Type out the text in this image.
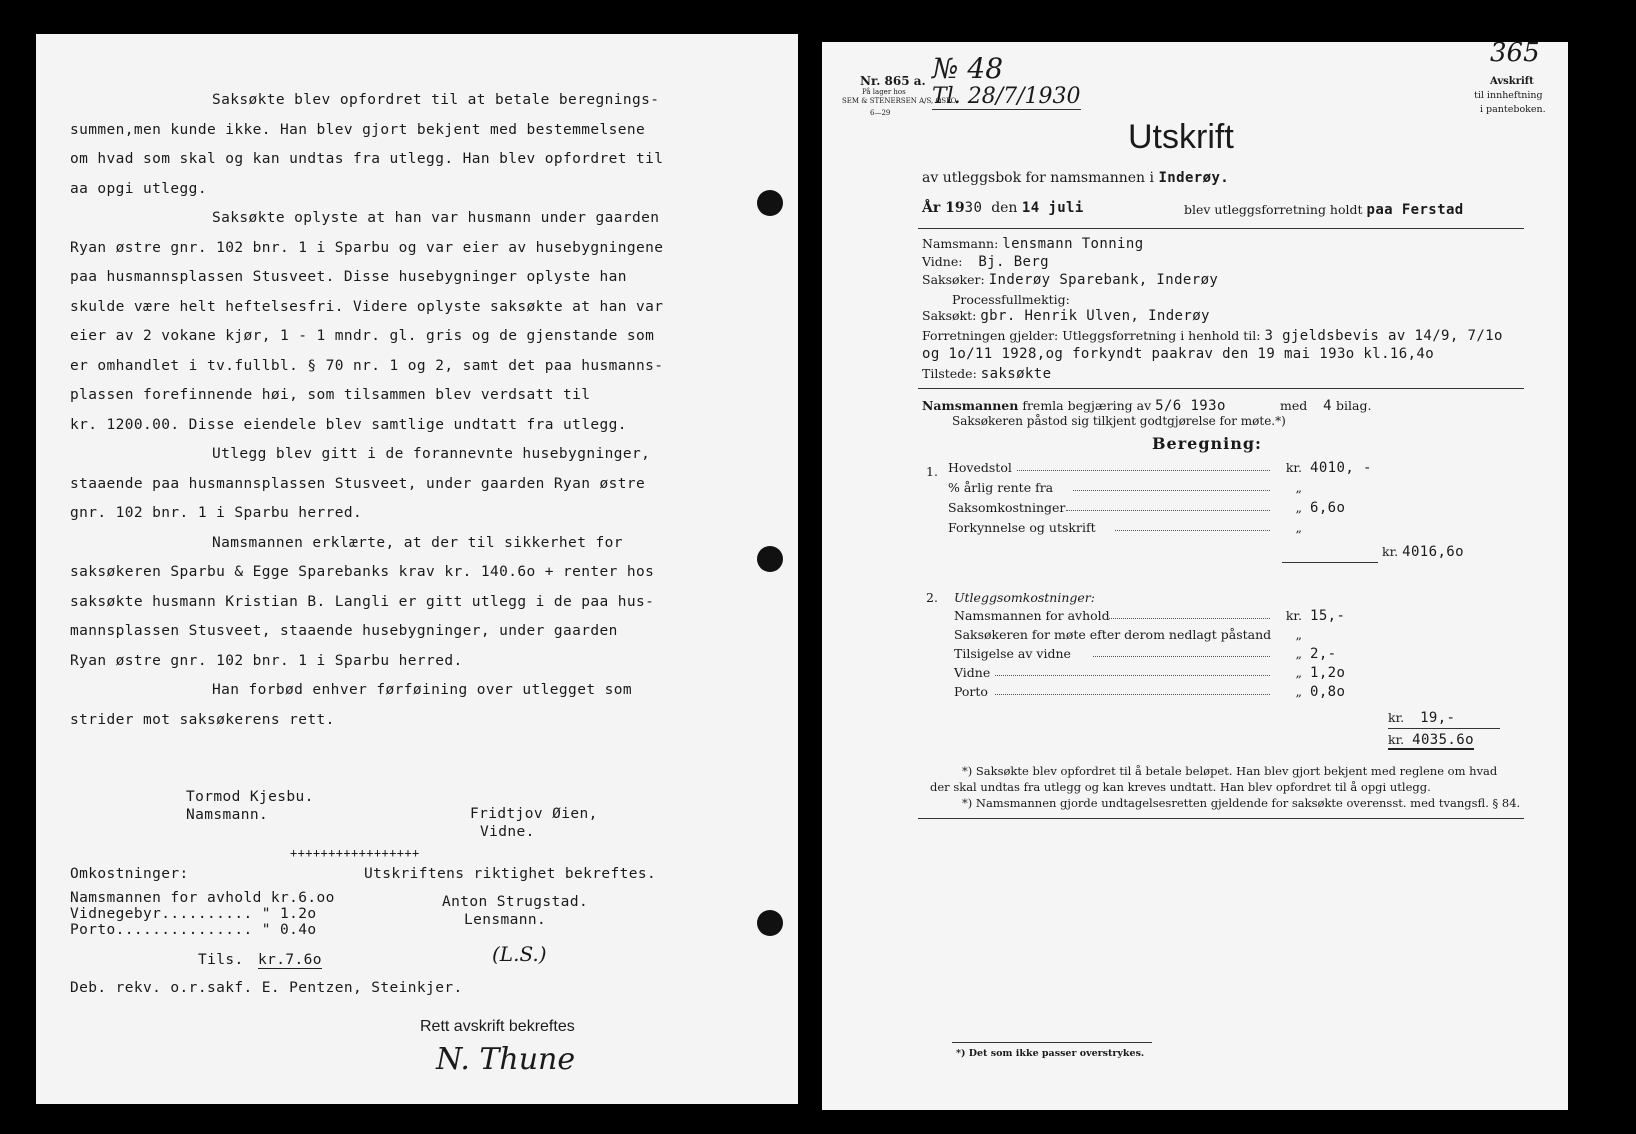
Saksøkte blev opfordret til at betale beregnings-
summen,men kunde ikke. Han blev gjort bekjent med bestemmelsene
om hvad som skal og kan undtas fra utlegg. Han blev opfordret til
aa opgi utlegg.
Saksøkte oplyste at han var husmann under gaarden
Ryan østre gnr. 102 bnr. 1 i Sparbu og var eier av husebygningene
paa husmannsplassen Stusveet. Disse husebygninger oplyste han
skulde være helt heftelsesfri. Videre oplyste saksøkte at han var
eier av 2 vokane kjør, 1 - 1 mndr. gl. gris og de gjenstande som
er omhandlet i tv.fullbl. § 70 nr. 1 og 2, samt det paa husmanns-
plassen forefinnende høi, som tilsammen blev verdsatt til
kr. 1200.00. Disse eiendele blev samtlige undtatt fra utlegg.
Utlegg blev gitt i de forannevnte husebygninger,
staaende paa husmannsplassen Stusveet, under gaarden Ryan østre
gnr. 102 bnr. 1 i Sparbu herred.
Namsmannen erklærte, at der til sikkerhet for
saksøkeren Sparbu & Egge Sparebanks krav kr. 140.6o + renter hos
saksøkte husmann Kristian B. Langli er gitt utlegg i de paa hus-
mannsplassen Stusveet, staaende husebygninger, under gaarden
Ryan østre gnr. 102 bnr. 1 i Sparbu herred.
Han forbød enhver førføining over utlegget som
strider mot saksøkerens rett.
Tormod Kjesbu.
Namsmann.	Fridtjov Øien,
Vidne.
+++++++++++++++++
Omkostninger:	Utskriftens riktighet bekreftes.
Namsmannen for avhold kr.6.oo
Vidnegebyr.......... " 1.2o
Porto............... " 0.4o
Anton Strugstad.
Lensmann.
Tils. kr.7.6o	(L.S.)
Deb. rekv. o.r.sakf. E. Pentzen, Steinkjer.
Rett avskrift bekreftes
N. Thune
Nr. 865 a.
På lager hos
SEM & STENERSEN A/S, OSLO
6—29
№ 48
Tl. 28/7/1930
365
Avskrift
til innheftning
i panteboken.
Utskrift
av utleggsbok for namsmannen i Inderøy.
År 1930 den 14 juli	blev utleggsforretning holdt paa Ferstad
Namsmann: lensmann Tonning
Vidne: Bj. Berg
Saksøker: Inderøy Sparebank, Inderøy
Processfullmektig:
Saksøkt: gbr. Henrik Ulven, Inderøy
Forretningen gjelder: Utleggsforretning i henhold til: 3 gjeldsbevis av 14/9, 7/1o
og 1o/11 1928,og forkyndt paakrav den 19 mai 193o kl.16,4o
Tilstede: saksøkte
Namsmannen fremla begjæring av 5/6 193o	med 4 bilag.
Saksøkeren påstod sig tilkjent godtgjørelse for møte.*)
Beregning:
1. Hovedstol	kr. 4010, -
% årlig rente fra	„
Saksomkostninger	„ 6,6o
Forkynnelse og utskrift	„
kr. 4016,6o
2. Utleggsomkostninger:
Namsmannen for avhold	kr. 15,-
Saksøkeren for møte efter derom nedlagt påstand „
Tilsigelse av vidne	„ 2,-
Vidne	„ 1,2o
Porto	„ 0,8o
kr. 19,-
kr. 4035.6o
*) Saksøkte blev opfordret til å betale beløpet. Han blev gjort bekjent med reglene om hvad
der skal undtas fra utlegg og kan kreves undtatt. Han blev opfordret til å opgi utlegg.
*) Namsmannen gjorde undtagelsesretten gjeldende for saksøkte overensst. med tvangsfl. § 84.
*) Det som ikke passer overstrykes.
